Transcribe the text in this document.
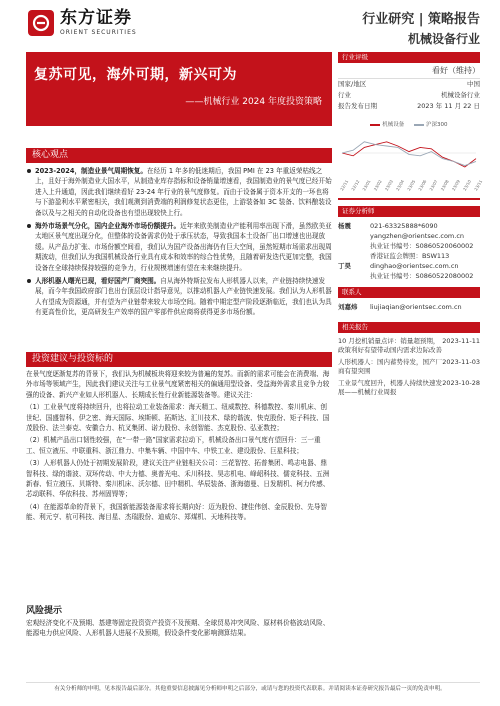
东方证券
ORIENT SECURITIES
行业研究 | 策略报告
机械设备行业
复苏可见，海外可期，新兴可为
——机械行业 2024 年度投资策略
行业评级
看好（维持）
国家/地区	中国
行业	机械设备行业
报告发布日期	2023 年 11 月 22 日
机械设备	沪深300
22/11 22/12 23/01 23/02 23/03 23/04 23/05 23/06 23/07 23/08 23/09 23/10 23/11
证券分析师
杨震	021-63325888*6090
yangzhen@orientsec.com.cn
执业证书编号：S0860520060002
香港证监会牌照：BSW113
丁昊	dinghao@orientsec.com.cn
执业证书编号：S0860522080002
联系人
刘嘉炜	liujiaqian@orientsec.com.cn
相关报告
10 月挖机销量点评：销量超预期，政策利好有望带动国内需求边际改善
2023-11-11
人形机器人：国内蓄势待发，国产厂商有望突围
2023-11-03
工业景气度回升，机器人持续快速发展——机械行业周报
2023-10-28
核心观点
2023-2024，制造业景气周期恢复。在经历 1 年多的低迷期后，我国 PMI 在 23 年重返荣枯线之上，且好于海外制造业大国水平，从制造业库存指标和设备销量增速看，我国制造业的景气度已经开始进入上升通道，因此我们继续看好 23-24 年行业的景气度修复。而由于设备属于资本开支的一环也将与下游盈利水平紧密相关，我们观测到消费端的利润修复状态更佳，上游装备如 3C 装备、饮料酿装设备以及与之相关的自动化设备也有望出现较快上行。
海外市场景气分化，国内企业海外市场份额提升。近年来欧美制造业产能利用率出现下滑，虽然欧美亚太地区景气度出现分化，但整体的设备需求仍处于承压状态，导致我国本土设备厂出口增速也出现放缓。从产品力扩张、市场份额空间看，我们认为国产设备出海仍有巨大空间，虽然短期市场需求出现周期波动，但我们认为我国机械设备行业具有成本和效率的综合性优势，且随着研发迭代更加完整，我国设备在全球持续保持较强的竞争力，行业规模增速有望在未来继续提升。
人形机器人曙光已现，看好国产厂商突围。自从海外特斯拉发布人形机器人以来，产业链持续快速发展，而今年我国政府部门也出台顶层设计指导意见，以推动机器人产业链快速发展。我们认为人形机器人有望成为资源通，并有望为产业链带来较大市场空间。随着中期定型产阶段逐渐临近，我们也认为具有更高性价比，更高研发生产效率的国产零部件供应商将获得更多市场份额。
投资建议与投资标的
在景气度逐渐复苏的背景下，我们认为机械板块将迎来较为普遍的复苏。而新的需求可能会在消费端、海外市场等领域产生，因此我们建议关注与工业景气度紧密相关的偏通用型设备、受益海外需求且竞争力较强的设备、新兴产业如人形机器人、长期成长性行业新能源装备等。建议关注：
（1）工业景气度将持续回升，也将拉动工业装备需求：海天精工、纽威数控、科德数控、秦川机床、创世纪、国盛智科、伊之密、海天国际、埃斯顿、拓斯达、汇川技术、绿的谐波、快克股份、矩子科技、国茂股份、法兰泰克、安徽合力、杭叉集团、诺力股份、永创智能、杰克股份、弘亚数控；
（2）机械产品出口韧性较强，在“一带一路”国家需求拉动下，机械设备出口景气度有望回升：三一重工、恒立液压、中联重科、浙江鼎力、中集车辆、中国中车、中铁工业、建设股份、巨星科技；
（3）人形机器人仍处于初期发展阶段，建议关注产业链相关公司：三花智控、拓普集团、鸣志电器、鼎智科技、绿的谐波、双环传动、中大力德、奥普光电、禾川科技、昊志机电、峰岹科技、儒竞科技、五洲新春、恒立液压、贝斯特、秦川机床、沃尔德、田中精机、华辰装备、浙海德曼、日发精机、柯力传感、芯动联科、华依科技、苏州固锝等；
（4）在能源革命的背景下，我国新能源装备需求将长期向好：迈为股份、捷佳伟创、金辰股份、先导智能、利元亨、杭可科技、海目星、杰瑞股份、迪威尔、郑煤机、天地科技等。
风险提示
宏观经济变化不及预期、基建等固定投资资产投资不及预期、全球贸易冲突风险、原材料价格波动风险、能源电力供应风险、人形机器人进展不及预期，假设条件变化影响测算结果。
有关分析师的申明，见本报告最后部分。其他重要信息披露见分析师申明之后部分，或请与您的投资代表联系。并请阅读本证券研究报告最后一页的免责申明。
